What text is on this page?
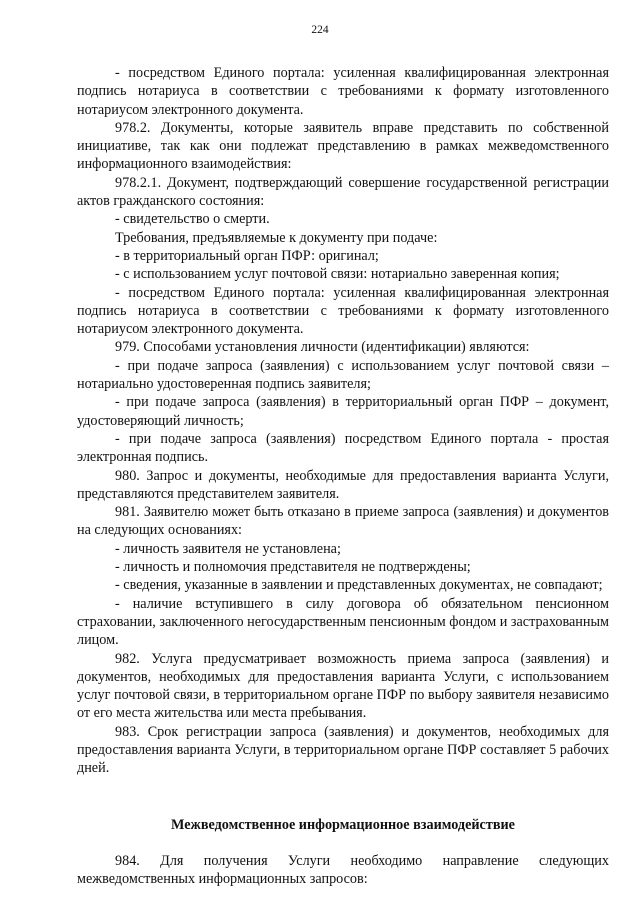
224

- посредством Единого портала: усиленная квалифицированная электронная подпись нотариуса в соответствии с требованиями к формату изготовленного нотариусом электронного документа.

978.2. Документы, которые заявитель вправе представить по собственной инициативе, так как они подлежат представлению в рамках межведомственного информационного взаимодействия:

978.2.1. Документ, подтверждающий совершение государственной регистрации актов гражданского состояния:

- свидетельство о смерти.

Требования, предъявляемые к документу при подаче:

- в территориальный орган ПФР: оригинал;

- с использованием услуг почтовой связи: нотариально заверенная копия;

- посредством Единого портала: усиленная квалифицированная электронная подпись нотариуса в соответствии с требованиями к формату изготовленного нотариусом электронного документа.

979. Способами установления личности (идентификации) являются:

- при подаче запроса (заявления) с использованием услуг почтовой связи – нотариально удостоверенная подпись заявителя;

- при подаче запроса (заявления) в территориальный орган ПФР – документ, удостоверяющий личность;

- при подаче запроса (заявления) посредством Единого портала - простая электронная подпись.

980. Запрос и документы, необходимые для предоставления варианта Услуги, представляются представителем заявителя.

981. Заявителю может быть отказано в приеме запроса (заявления) и документов на следующих основаниях:

- личность заявителя не установлена;

- личность и полномочия представителя не подтверждены;

- сведения, указанные в заявлении и представленных документах, не совпадают;

- наличие вступившего в силу договора об обязательном пенсионном страховании, заключенного негосударственным пенсионным фондом и застрахованным лицом.

982. Услуга предусматривает возможность приема запроса (заявления) и документов, необходимых для предоставления варианта Услуги, с использованием услуг почтовой связи, в территориальном органе ПФР по выбору заявителя независимо от его места жительства или места пребывания.

983. Срок регистрации запроса (заявления) и документов, необходимых для предоставления варианта Услуги, в территориальном органе ПФР составляет 5 рабочих дней.

Межведомственное информационное взаимодействие

984. Для получения Услуги необходимо направление следующих межведомственных информационных запросов:
